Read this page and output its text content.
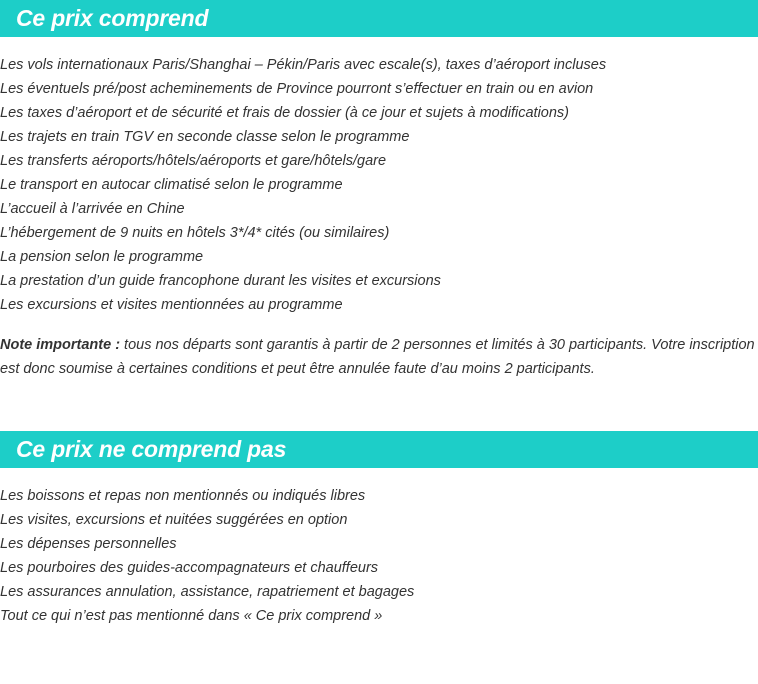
Ce prix comprend
Les vols internationaux Paris/Shanghai – Pékin/Paris avec escale(s), taxes d’aéroport incluses
Les éventuels pré/post acheminements de Province pourront s’effectuer en train ou en avion
Les taxes d’aéroport et de sécurité et frais de dossier (à ce jour et sujets à modifications)
Les trajets en train TGV en seconde classe selon le programme
Les transferts aéroports/hôtels/aéroports et gare/hôtels/gare
Le transport en autocar climatisé selon le programme
L’accueil à l’arrivée en Chine
L’hébergement de 9 nuits en hôtels 3*/4* cités (ou similaires)
La pension selon le programme
La prestation d’un guide francophone durant les visites et excursions
Les excursions et visites mentionnées au programme

Note importante : tous nos départs sont garantis à partir de 2 personnes et limités à 30 participants. Votre inscription est donc soumise à certaines conditions et peut être annulée faute d’au moins 2 participants.

Ce prix ne comprend pas
Les boissons et repas non mentionnés ou indiqués libres
Les visites, excursions et nuitées suggérées en option
Les dépenses personnelles
Les pourboires des guides-accompagnateurs et chauffeurs
Les assurances annulation, assistance, rapatriement et bagages
Tout ce qui n’est pas mentionné dans « Ce prix comprend »
